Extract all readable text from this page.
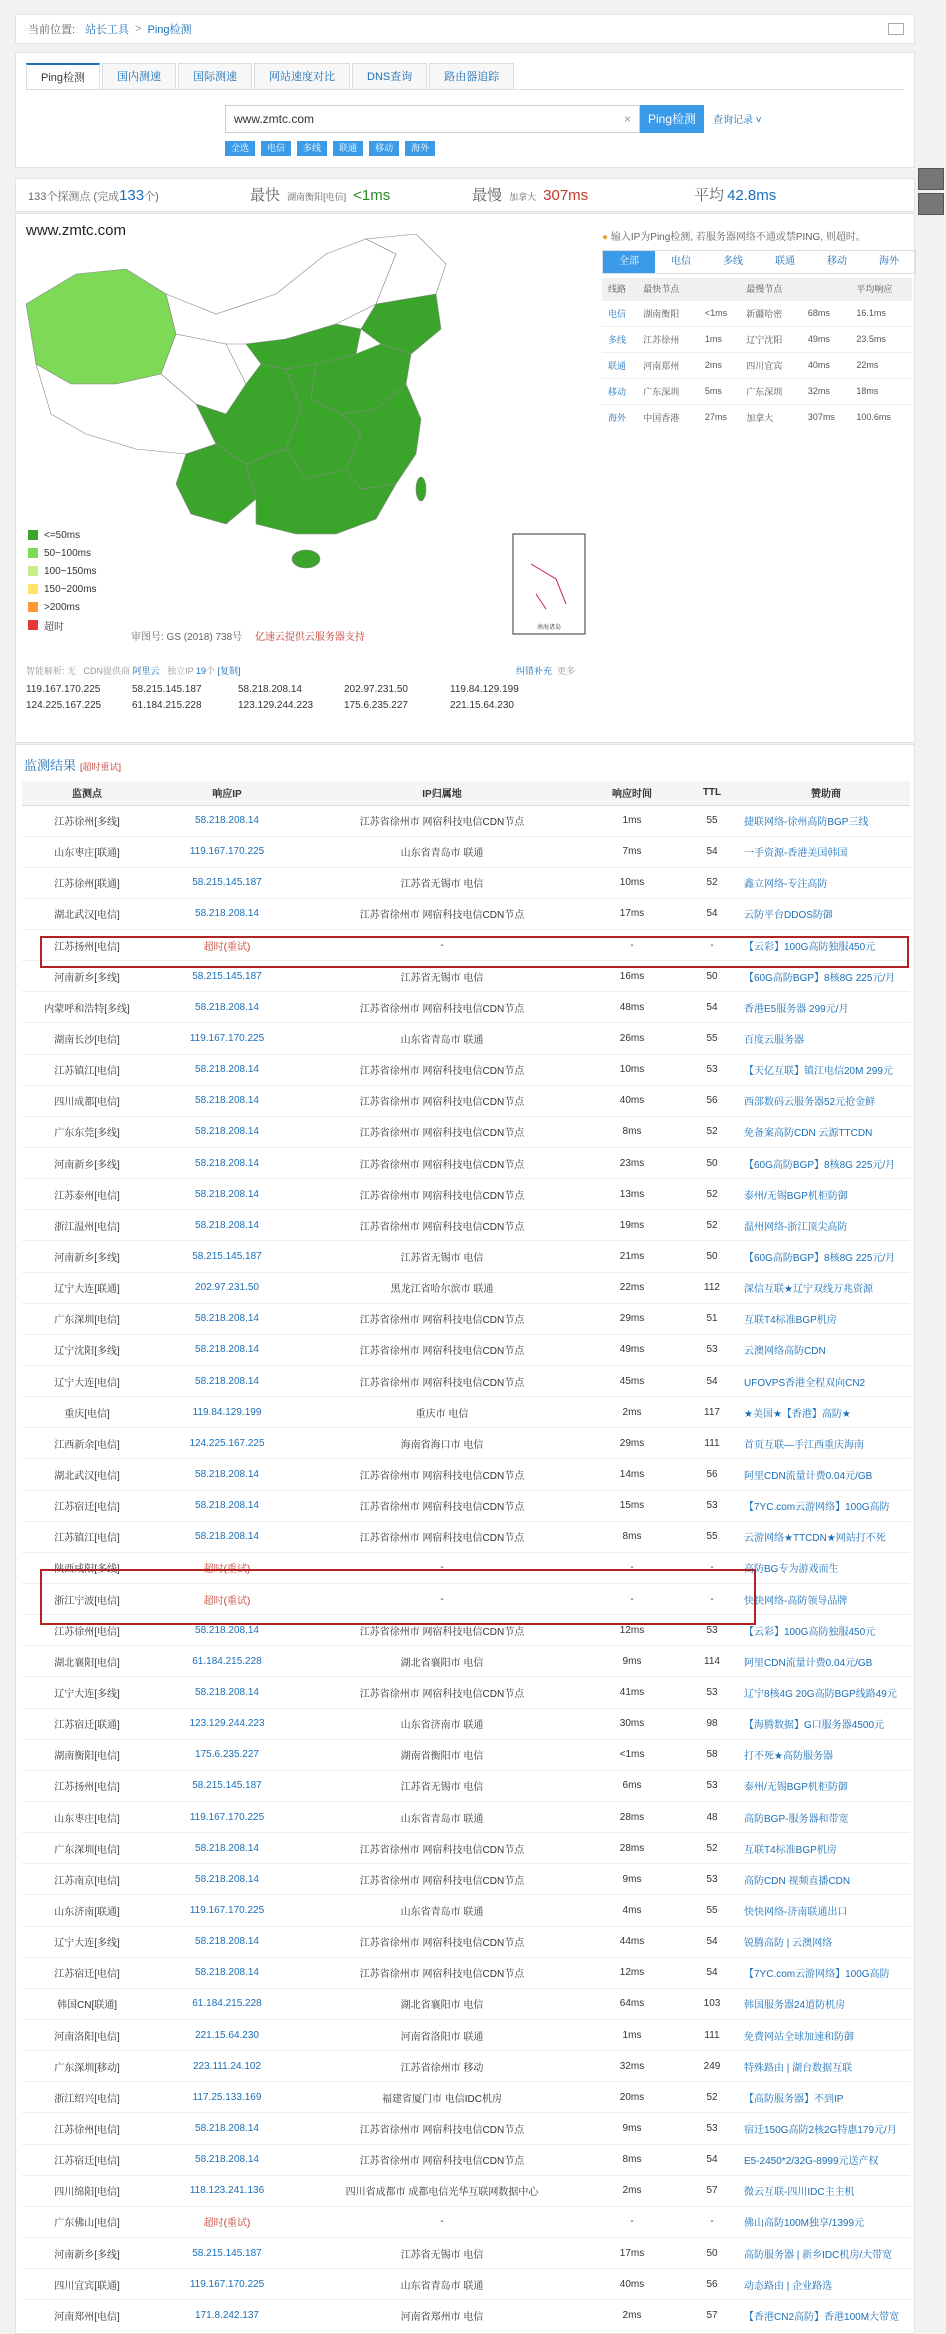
当前位置: 站长工具 > Ping检测
Ping检测	国内测速	国际测速	网站速度对比	DNS查询	路由器追踪
www.zmtc.com	×	Ping检测	查询记录 ˅
全选	电信	多线	联通	移动	海外
133个探测点 (完成133个)	最快 湖南衡阳[电信] <1ms	最慢 加拿大 307ms	平均 42.8ms
www.zmtc.com
南海诸岛
<=50ms
50~100ms
100~150ms
150~200ms
>200ms
超时
审图号: GS (2018) 738号 亿速云提供云服务器支持
智能解析: 无 CDN提供商 阿里云 独立IP 19个 [复制]	纠错补充 更多
119.167.170.225	58.215.145.187	58.218.208.14	202.97.231.50	119.84.129.199
124.225.167.225	61.184.215.228	123.129.244.223	175.6.235.227	221.15.64.230
● 输入IP为Ping检测, 若服务器网络不通或禁PING, 则超时。
全部	电信	多线	联通	移动	海外
线路	最快节点		最慢节点		平均响应
电信	湖南衡阳	<1ms	新疆哈密	68ms	16.1ms
多线	江苏徐州	1ms	辽宁沈阳	49ms	23.5ms
联通	河南郑州	2ms	四川宜宾	40ms	22ms
移动	广东深圳	5ms	广东深圳	32ms	18ms
海外	中国香港	27ms	加拿大	307ms	100.6ms
监测结果 [超时重试]
监测点	响应IP	IP归属地	响应时间	TTL	赞助商
江苏徐州[多线]	58.218.208.14	江苏省徐州市 网宿科技电信CDN节点	1ms	55	捷联网络-徐州高防BGP三线
山东枣庄[联通]	119.167.170.225	山东省青岛市 联通	7ms	54	一手资源-香港美国韩国
江苏徐州[联通]	58.215.145.187	江苏省无锡市 电信	10ms	52	鑫立网络-专注高防
湖北武汉[电信]	58.218.208.14	江苏省徐州市 网宿科技电信CDN节点	17ms	54	云防平台DDOS防御
江苏扬州[电信]	超时(重试)	-	-	-	【云彩】100G高防独服450元
河南新乡[多线]	58.215.145.187	江苏省无锡市 电信	16ms	50	【60G高防BGP】8核8G 225元/月
内蒙呼和浩特[多线]	58.218.208.14	江苏省徐州市 网宿科技电信CDN节点	48ms	54	香港E5服务器 299元/月
湖南长沙[电信]	119.167.170.225	山东省青岛市 联通	26ms	55	百度云服务器
江苏镇江[电信]	58.218.208.14	江苏省徐州市 网宿科技电信CDN节点	10ms	53	【天亿互联】镇江电信20M 299元
四川成都[电信]	58.218.208.14	江苏省徐州市 网宿科技电信CDN节点	40ms	56	西部数码云服务器52元抢金鲜
广东东莞[多线]	58.218.208.14	江苏省徐州市 网宿科技电信CDN节点	8ms	52	免备案高防CDN 云源TTCDN
河南新乡[多线]	58.218.208.14	江苏省徐州市 网宿科技电信CDN节点	23ms	50	【60G高防BGP】8核8G 225元/月
江苏泰州[电信]	58.218.208.14	江苏省徐州市 网宿科技电信CDN节点	13ms	52	泰州/无锡BGP机柜防御
浙江温州[电信]	58.218.208.14	江苏省徐州市 网宿科技电信CDN节点	19ms	52	温州网络-浙江顶尖高防
河南新乡[多线]	58.215.145.187	江苏省无锡市 电信	21ms	50	【60G高防BGP】8核8G 225元/月
辽宁大连[联通]	202.97.231.50	黑龙江省哈尔滨市 联通	22ms	112	深信互联★辽宁双线万兆资源
广东深圳[电信]	58.218.208.14	江苏省徐州市 网宿科技电信CDN节点	29ms	51	互联T4标准BGP机房
辽宁沈阳[多线]	58.218.208.14	江苏省徐州市 网宿科技电信CDN节点	49ms	53	云澳网络高防CDN
辽宁大连[电信]	58.218.208.14	江苏省徐州市 网宿科技电信CDN节点	45ms	54	UFOVPS香港全程双向CN2
重庆[电信]	119.84.129.199	重庆市 电信	2ms	117	★美国★【香港】高防★
江西新余[电信]	124.225.167.225	海南省海口市 电信	29ms	111	首页互联—手江西重庆海南
湖北武汉[电信]	58.218.208.14	江苏省徐州市 网宿科技电信CDN节点	14ms	56	阿里CDN流量计费0.04元/GB
江苏宿迁[电信]	58.218.208.14	江苏省徐州市 网宿科技电信CDN节点	15ms	53	【7YC.com云游网络】100G高防
江苏镇江[电信]	58.218.208.14	江苏省徐州市 网宿科技电信CDN节点	8ms	55	云游网络★TTCDN★网站打不死
陕西咸阳[多线]	超时(重试)	-	-	-	高防BG专为游戏而生
浙江宁波[电信]	超时(重试)	-	-	-	快快网络-高防领导品牌
江苏徐州[电信]	58.218.208.14	江苏省徐州市 网宿科技电信CDN节点	12ms	53	【云彩】100G高防独服450元
湖北襄阳[电信]	61.184.215.228	湖北省襄阳市 电信	9ms	114	阿里CDN流量计费0.04元/GB
辽宁大连[多线]	58.218.208.14	江苏省徐州市 网宿科技电信CDN节点	41ms	53	辽宁8核4G 20G高防BGP线路49元
江苏宿迁[联通]	123.129.244.223	山东省济南市 联通	30ms	98	【海腾数据】G口服务器4500元
湖南衡阳[电信]	175.6.235.227	湖南省衡阳市 电信	<1ms	58	打不死★高防服务器
江苏扬州[电信]	58.215.145.187	江苏省无锡市 电信	6ms	53	泰州/无锡BGP机柜防御
山东枣庄[电信]	119.167.170.225	山东省青岛市 联通	28ms	48	高防BGP-服务器和带宽
广东深圳[电信]	58.218.208.14	江苏省徐州市 网宿科技电信CDN节点	28ms	52	互联T4标准BGP机房
江苏南京[电信]	58.218.208.14	江苏省徐州市 网宿科技电信CDN节点	9ms	53	高防CDN 视频直播CDN
山东济南[联通]	119.167.170.225	山东省青岛市 联通	4ms	55	快快网络-济南联通出口
辽宁大连[多线]	58.218.208.14	江苏省徐州市 网宿科技电信CDN节点	44ms	54	锐腾高防 | 云澳网络
江苏宿迁[电信]	58.218.208.14	江苏省徐州市 网宿科技电信CDN节点	12ms	54	【7YC.com云游网络】100G高防
韩国CN[联通]	61.184.215.228	湖北省襄阳市 电信	64ms	103	韩国服务器24道防机房
河南洛阳[电信]	221.15.64.230	河南省洛阳市 联通	1ms	111	免费网站全球加速和防御
广东深圳[移动]	223.111.24.102	江苏省徐州市 移动	32ms	249	特殊路由 | 湖台数据互联
浙江绍兴[电信]	117.25.133.169	福建省厦门市 电信IDC机房	20ms	52	【高防服务器】不到IP
江苏徐州[电信]	58.218.208.14	江苏省徐州市 网宿科技电信CDN节点	9ms	53	宿迁150G高防2核2G特惠179元/月
江苏宿迁[电信]	58.218.208.14	江苏省徐州市 网宿科技电信CDN节点	8ms	54	E5-2450*2/32G-8999元送产权
四川绵阳[电信]	118.123.241.136	四川省成都市 成都电信光华互联网数据中心	2ms	57	微云互联-四川IDC主主机
广东佛山[电信]	超时(重试)	-	-	-	佛山高防100M独享/1399元
河南新乡[多线]	58.215.145.187	江苏省无锡市 电信	17ms	50	高防服务器 | 新乡IDC机房/大带宽
四川宜宾[联通]	119.167.170.225	山东省青岛市 联通	40ms	56	动态路由 | 企业路选
河南郑州[电信]	171.8.242.137	河南省郑州市 电信	2ms	57	【香港CN2高防】香港100M大带宽
